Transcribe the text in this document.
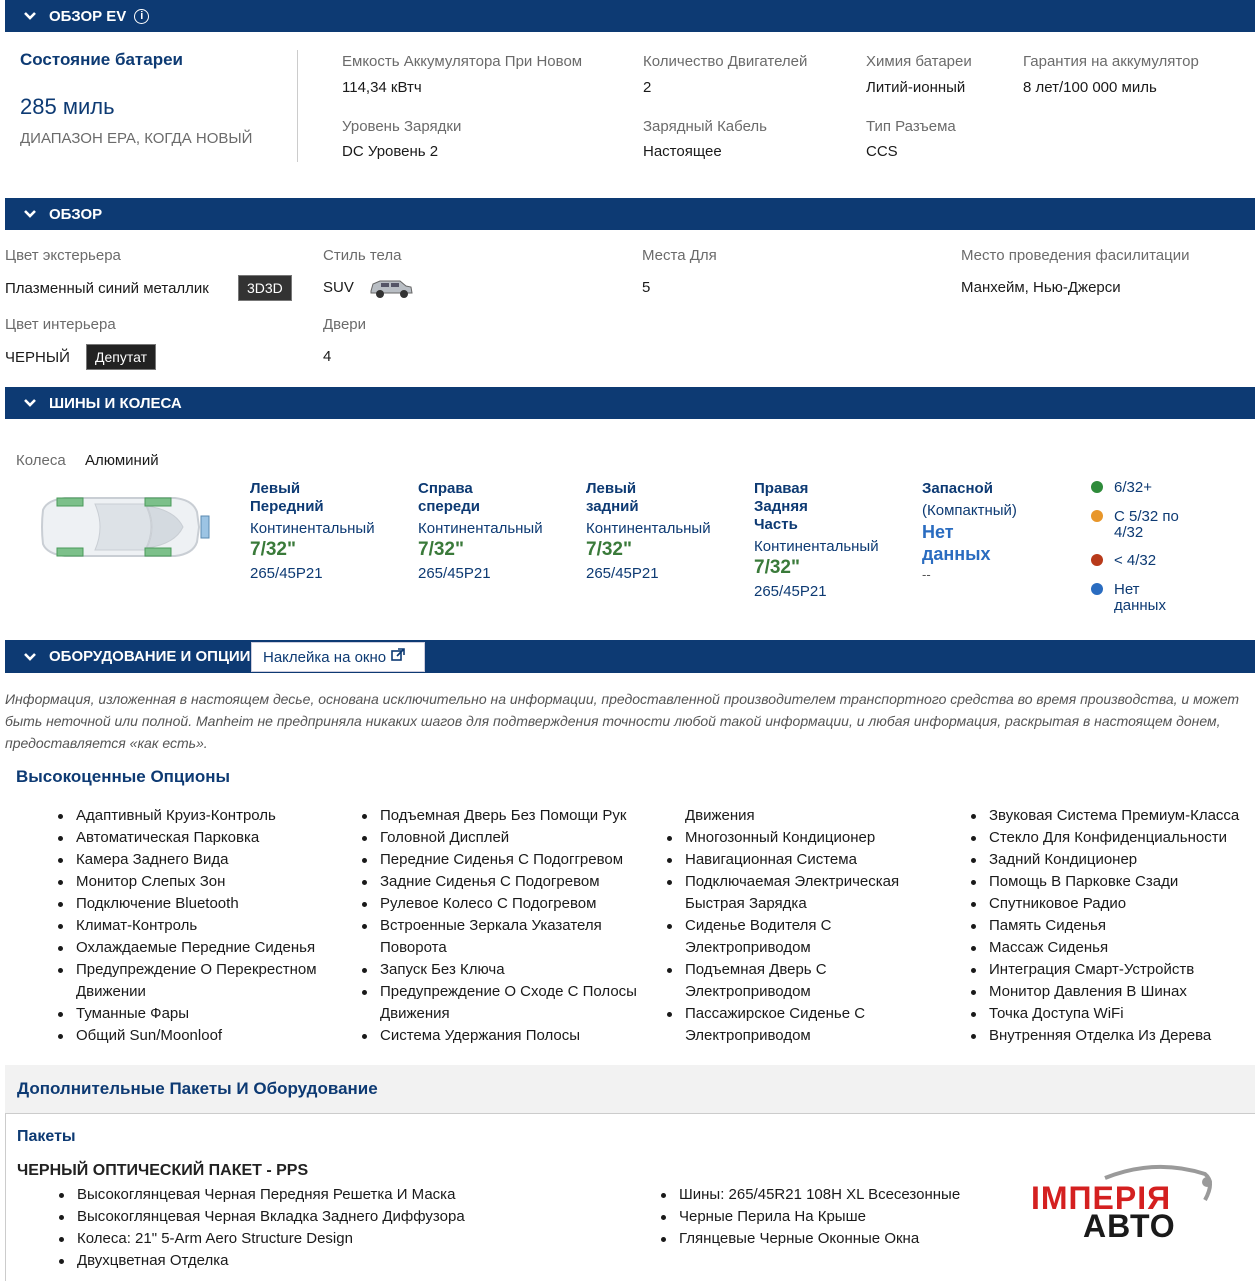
ОБЗОР EV	i
Состояние батареи
285 миль
ДИАПАЗОН EPA, КОГДА НОВЫЙ
Емкость Аккумулятора При Новом
114,34 кВтч
Количество Двигателей
2
Химия батареи
Литий-ионный
Гарантия на аккумулятор
8 лет/100 000 миль
Уровень Зарядки
DC Уровень 2
Зарядный Кабель
Настоящее
Тип Разъема
CCS
ОБЗОР
Цвет экстерьера
Плазменный синий металлик	3D3D
Стиль тела
SUV
Места Для
5
Место проведения фасилитации
Манхейм, Нью-Джерси
Цвет интерьера
ЧЕРНЫЙ	Депутат
Двери
4
ШИНЫ И КОЛЕСА
Колеса Алюминий
Левый Передний
Континентальный
7/32"
265/45P21
Справа спереди
Континентальный
7/32"
265/45P21
Левый задний
Континентальный
7/32"
265/45P21
Правая Задняя Часть
Континентальный
7/32"
265/45P21
Запасной
(Компактный)
Нет данных
--
6/32+
С 5/32 по 4/32
< 4/32
Нет данных
ОБОРУДОВАНИЕ И ОПЦИИ Наклейка на окно
Информация, изложенная в настоящем десье, основана исключительно на информации, предоставленной производителем транспортного средства во время производства, и может быть неточной или полной. Manheim не предприняла никаких шагов для подтверждения точности любой такой информации, и любая информация, раскрытая в настоящем донем, предоставляется «как есть».
Высокоценные Опционы
Адаптивный Круиз-Контроль
Автоматическая Парковка
Камера Заднего Вида
Монитор Слепых Зон
Подключение Bluetooth
Климат-Контроль
Охлаждаемые Передние Сиденья
Предупреждение О Перекрестном
Движении
Туманные Фары
Общий Sun/Moonloof
Подъемная Дверь Без Помощи Рук
Головной Дисплей
Передние Сиденья С Подоггревом
Задние Сиденья С Подогревом
Рулевое Колесо С Подогревом
Встроенные Зеркала Указателя
Поворота
Запуск Без Ключа
Предупреждение О Сходе С Полосы
Движения
Система Удержания Полосы
Движения
Многозонный Кондиционер
Навигационная Система
Подключаемая Электрическая
Быстрая Зарядка
Сиденье Водителя С
Электроприводом
Подъемная Дверь С
Электроприводом
Пассажирское Сиденье С
Электроприводом
Звуковая Система Премиум-Класса
Стекло Для Конфиденциальности
Задний Кондиционер
Помощь В Парковке Сзади
Спутниковое Радио
Память Сиденья
Массаж Сиденья
Интеграция Смарт-Устройств
Монитор Давления В Шинах
Точка Доступа WiFi
Внутренняя Отделка Из Дерева
Дополнительные Пакеты И Оборудование
Пакеты
ЧЕРНЫЙ ОПТИЧЕСКИЙ ПАКЕТ - PPS
Высокоглянцевая Черная Передняя Решетка И Маска
Высокоглянцевая Черная Вкладка Заднего Диффузора
Колеса: 21" 5-Arm Aero Structure Design
Двухцветная Отделка
Шины: 265/45R21 108H XL Всесезонные
Черные Перила На Крыше
Глянцевые Черные Оконные Окна
ІМПЕРІЯ
АВТО
